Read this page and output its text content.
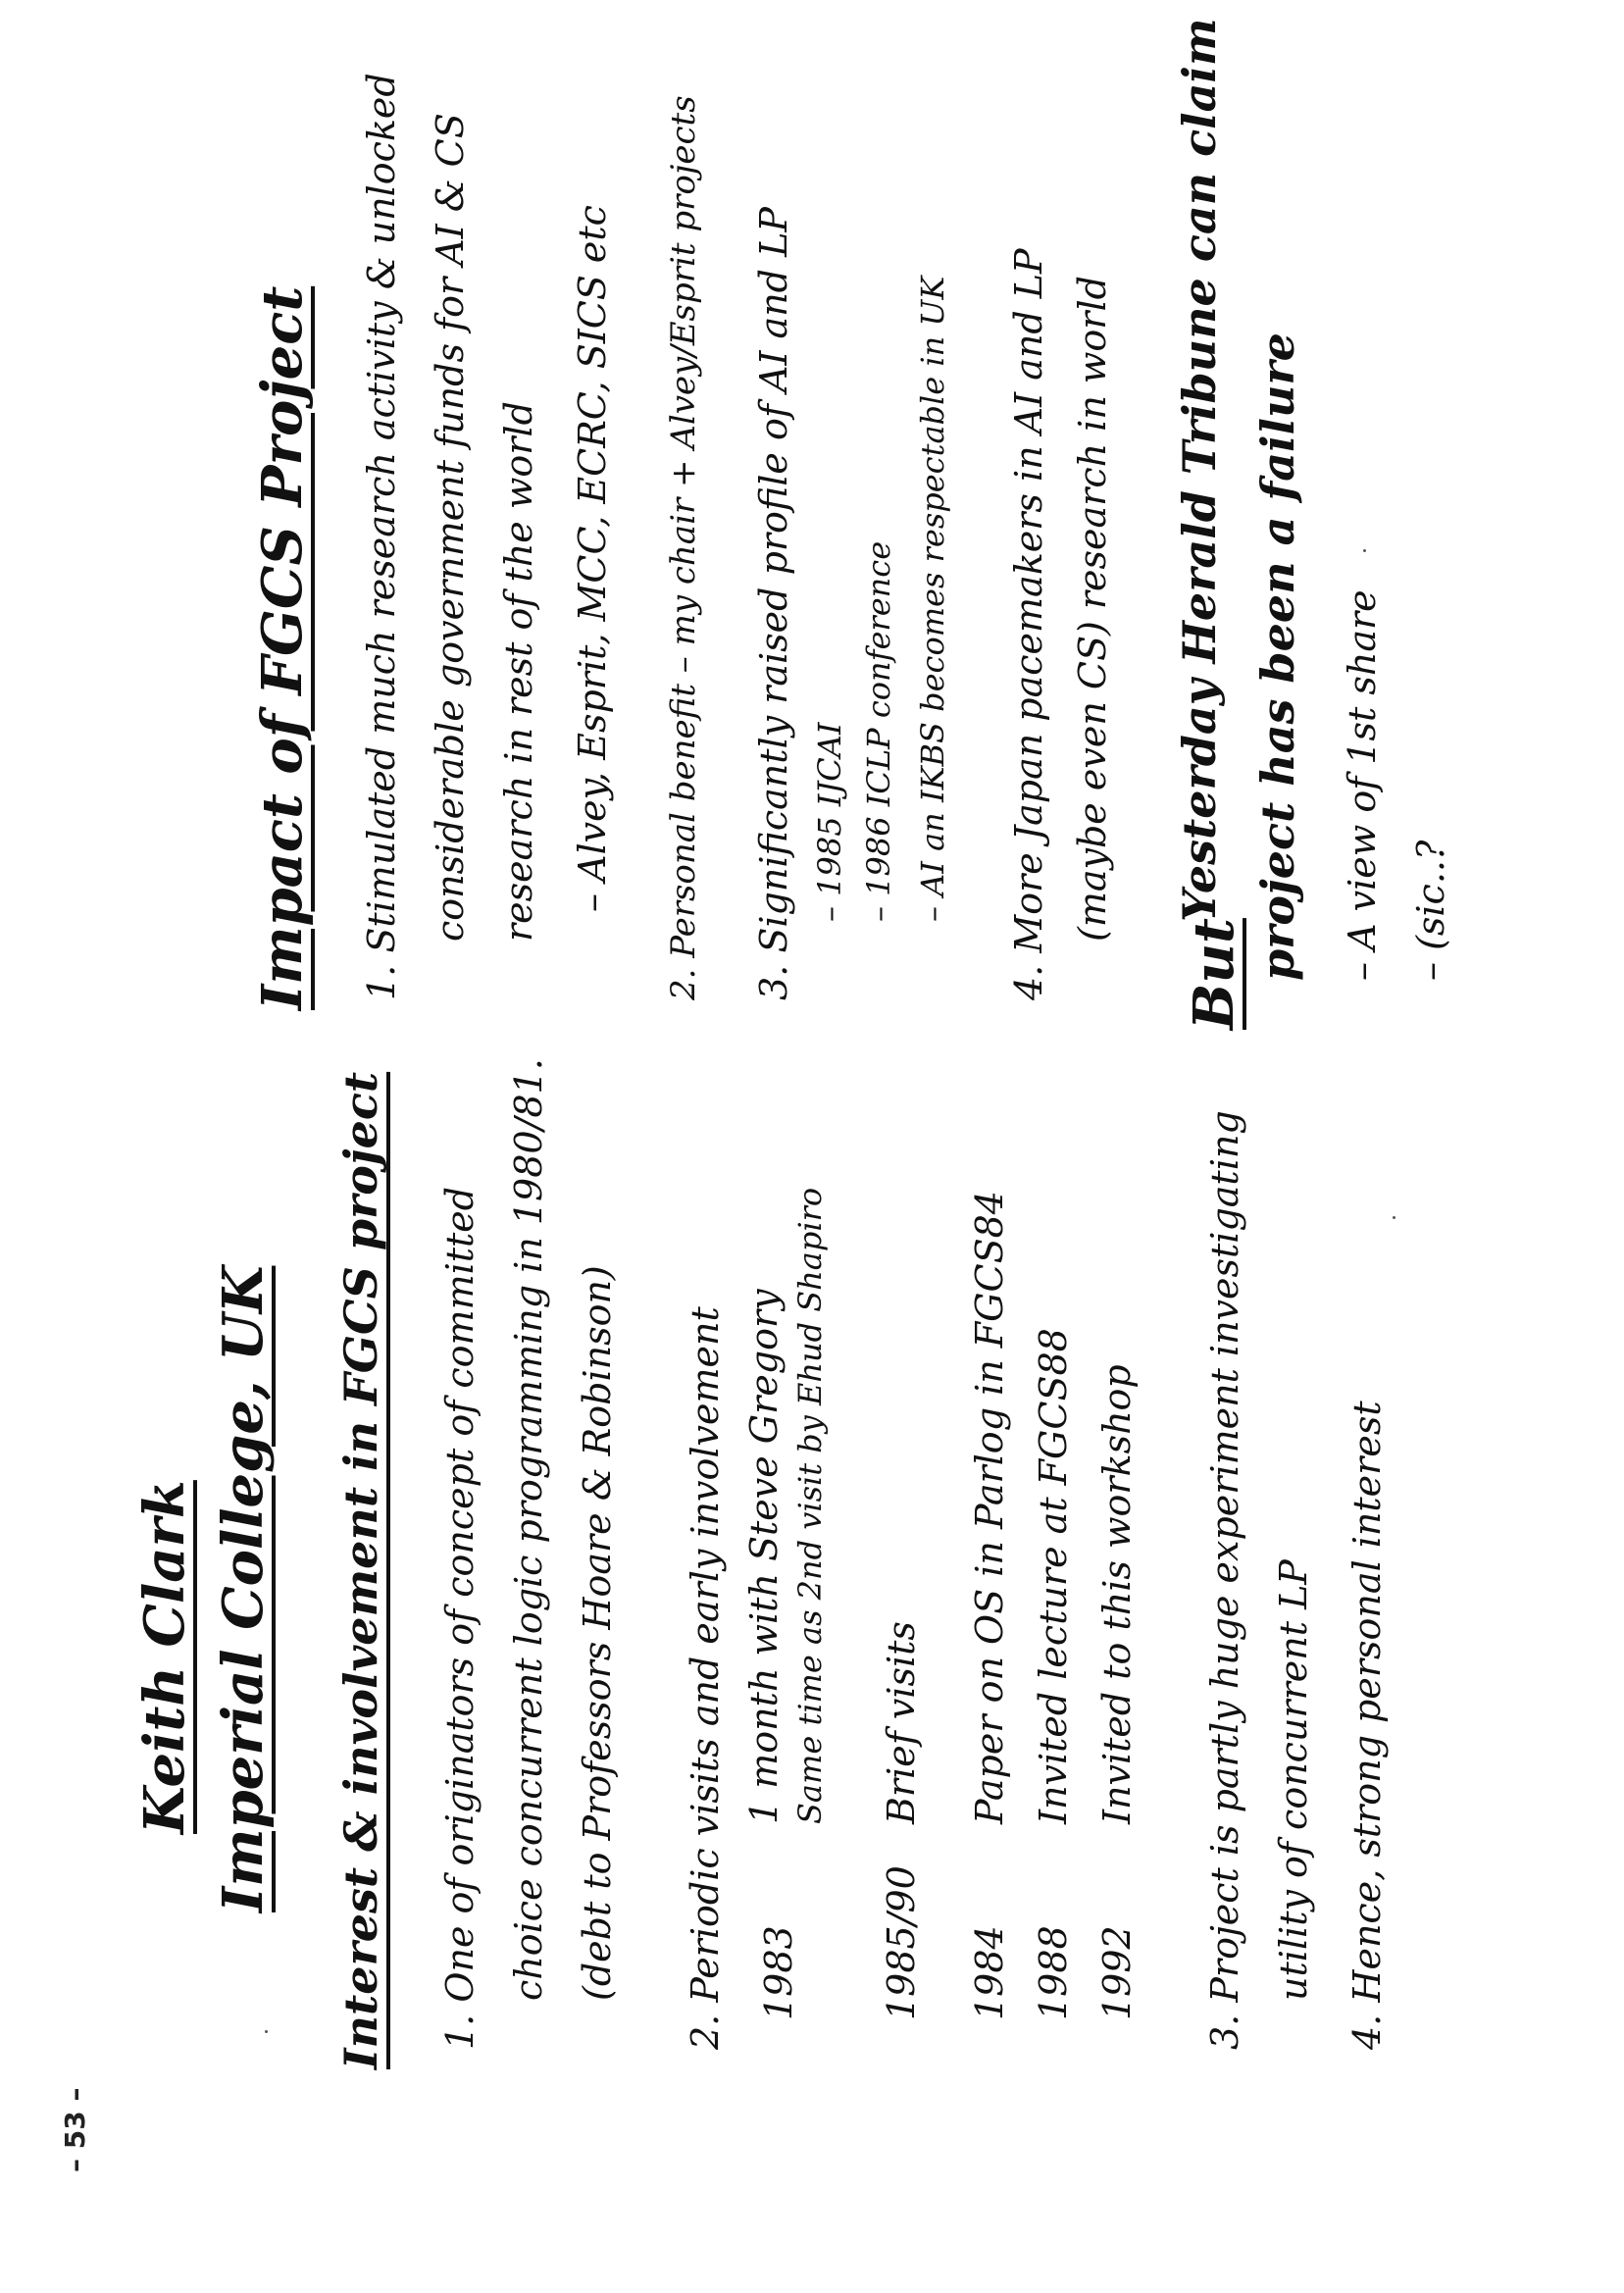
Keith Clark Imperial College, UK Interest & involvement in FGCS project 1. One of originators of concept of committed choice concurrent logic programming in 1980/81. (debt to Professors Hoare & Robinson) 2. Periodic visits and early involvement 1983
1 month with Steve Gregory Same time as 2nd visit by Ehud Shapiro
1985/90
Brief visits
1984
Paper on OS in Parlog in FGCS84
1988
Invited lecture at FGCS88
1992
Invited to this workshop 3. Project is partly huge experiment investigating utility of concurrent LP 4. Hence, strong personal interest
Impact of FGCS Project 1. Stimulated much research activity & unlocked considerable government funds for AI & CS research in rest of the world – Alvey, Esprit, MCC, ECRC, SICS etc 2. Personal benefit – my chair + Alvey/Esprit projects 3. Significantly raised profile of AI and LP – 1985 IJCAI – 1986 ICLP conference – AI an IKBS becomes respectable in UK 4. More Japan pacemakers in AI and LP (maybe even CS) research in world
But
Yesterday Herald Tribune can claim project has been a failure – A view of 1st share – (sic..?
– 53 –
